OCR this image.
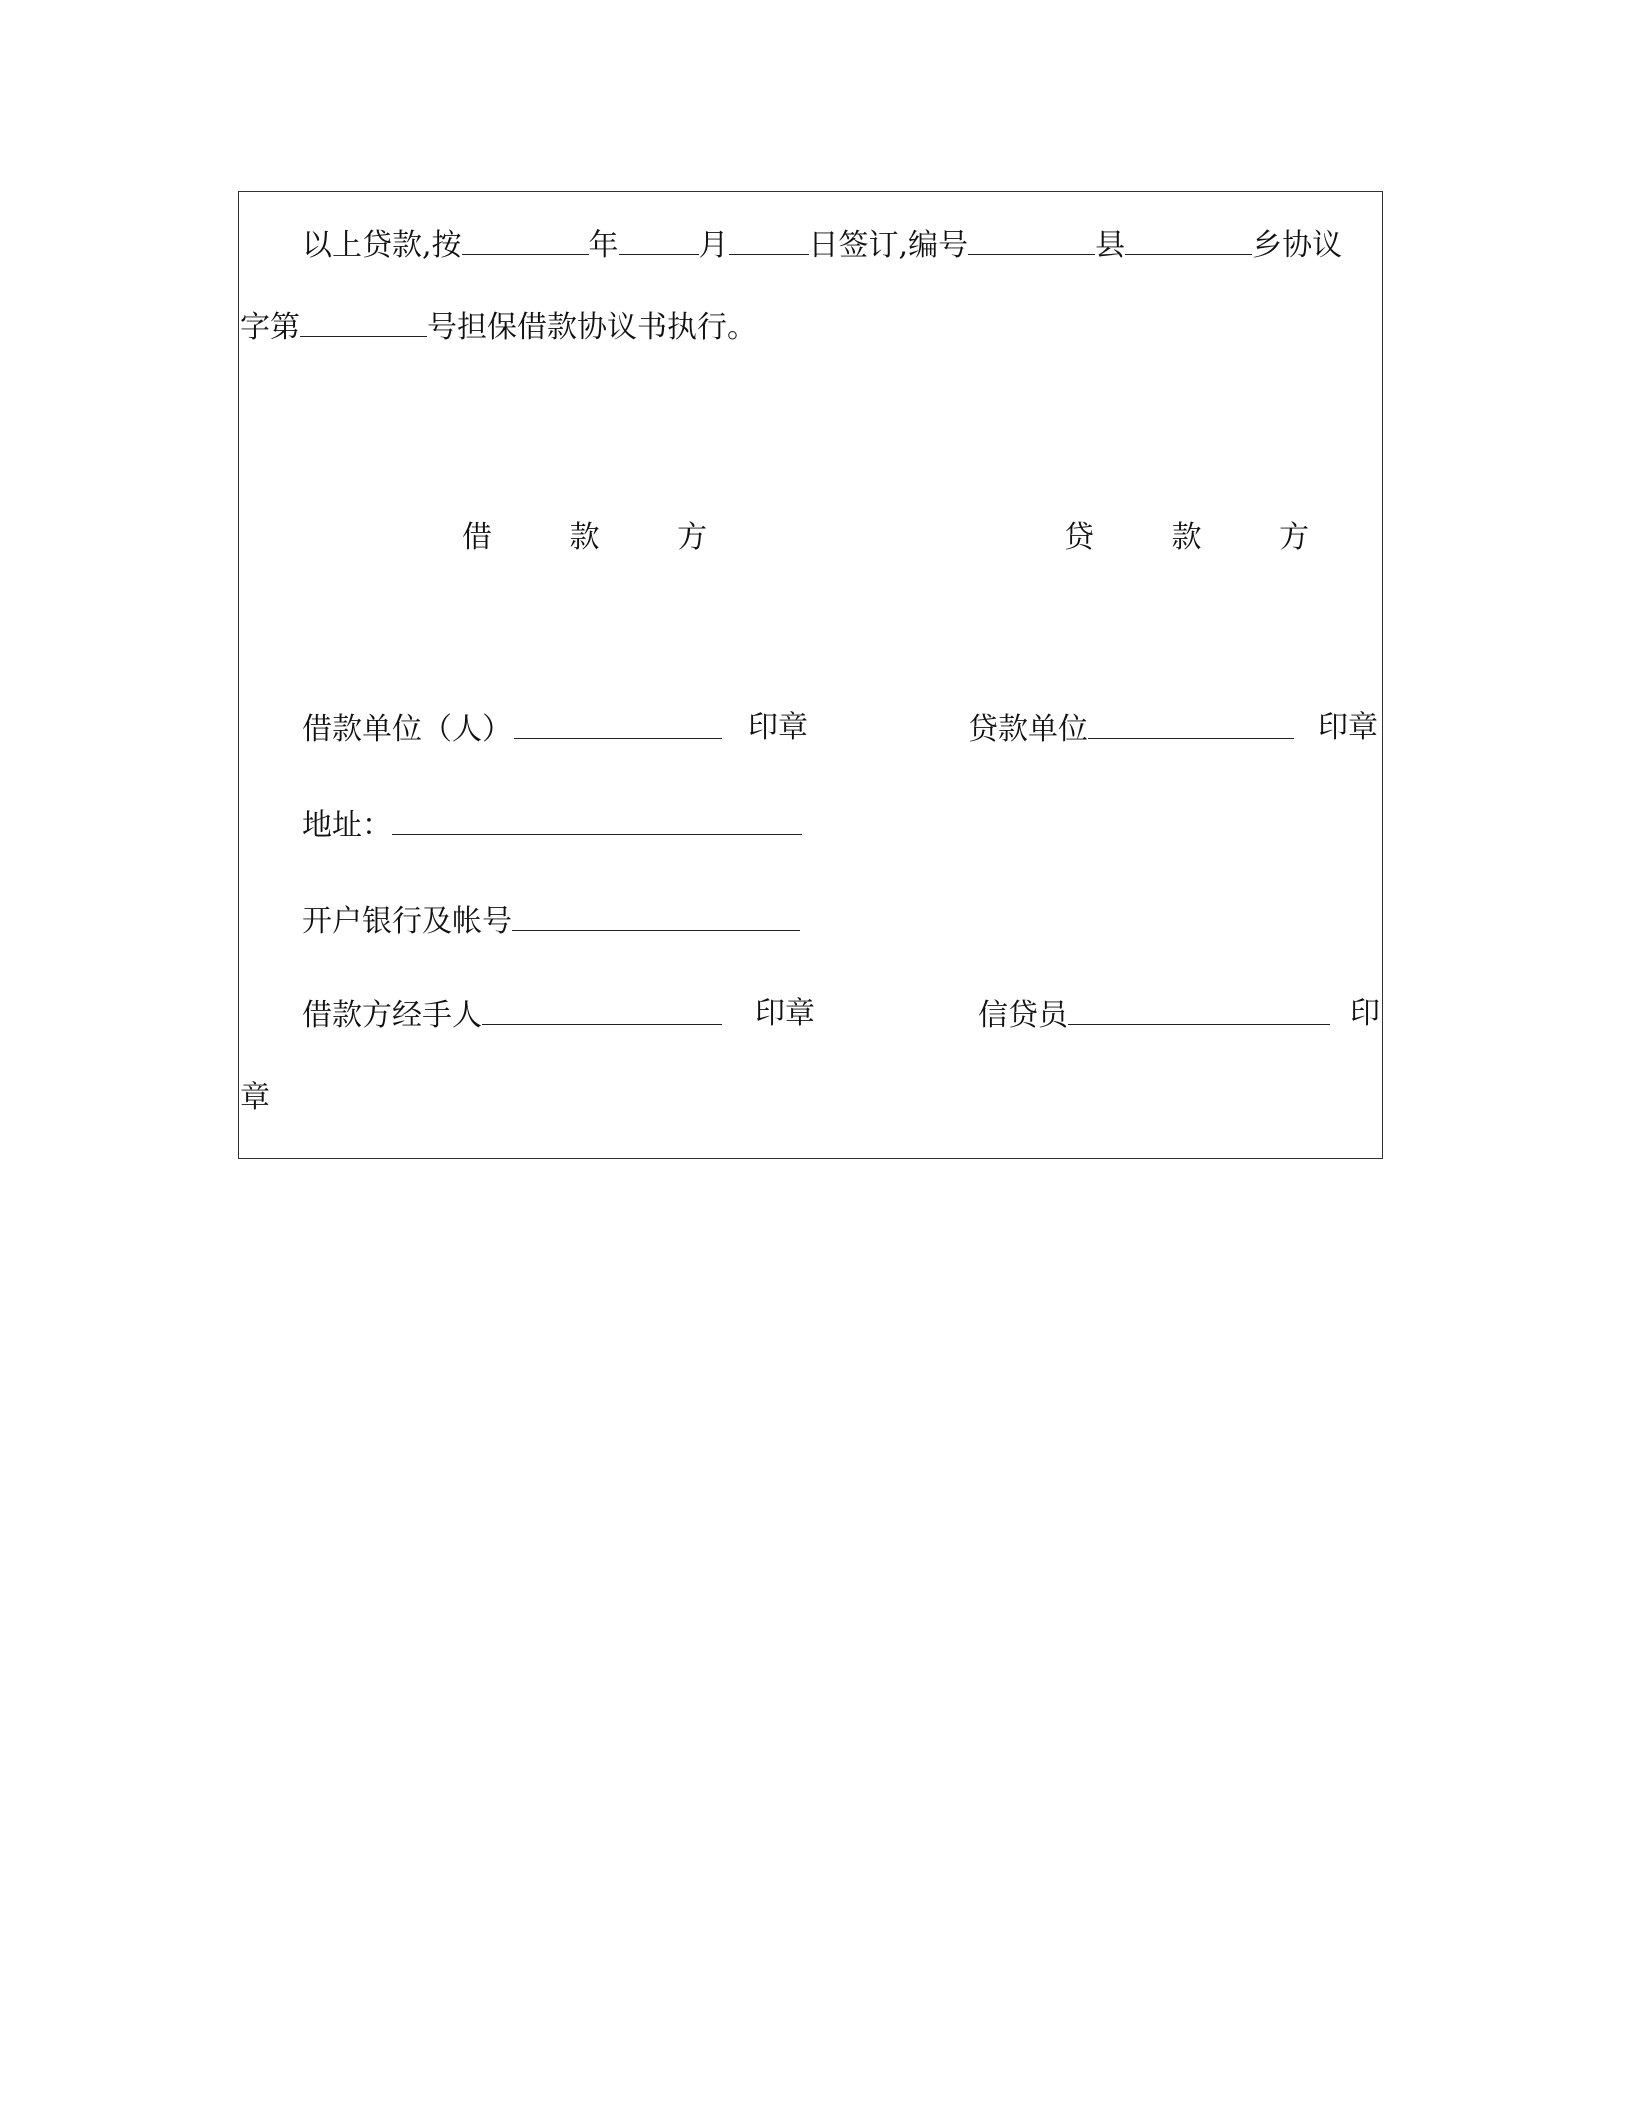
以上贷款,按	年	月	日签订,编号	县	乡协议
字第	号担保借款协议书执行。
借 款 方	贷 款 方
借款单位（人）	印章	贷款单位	印章
地址：
开户银行及帐号
借款方经手人	印章	信贷员	印
章
